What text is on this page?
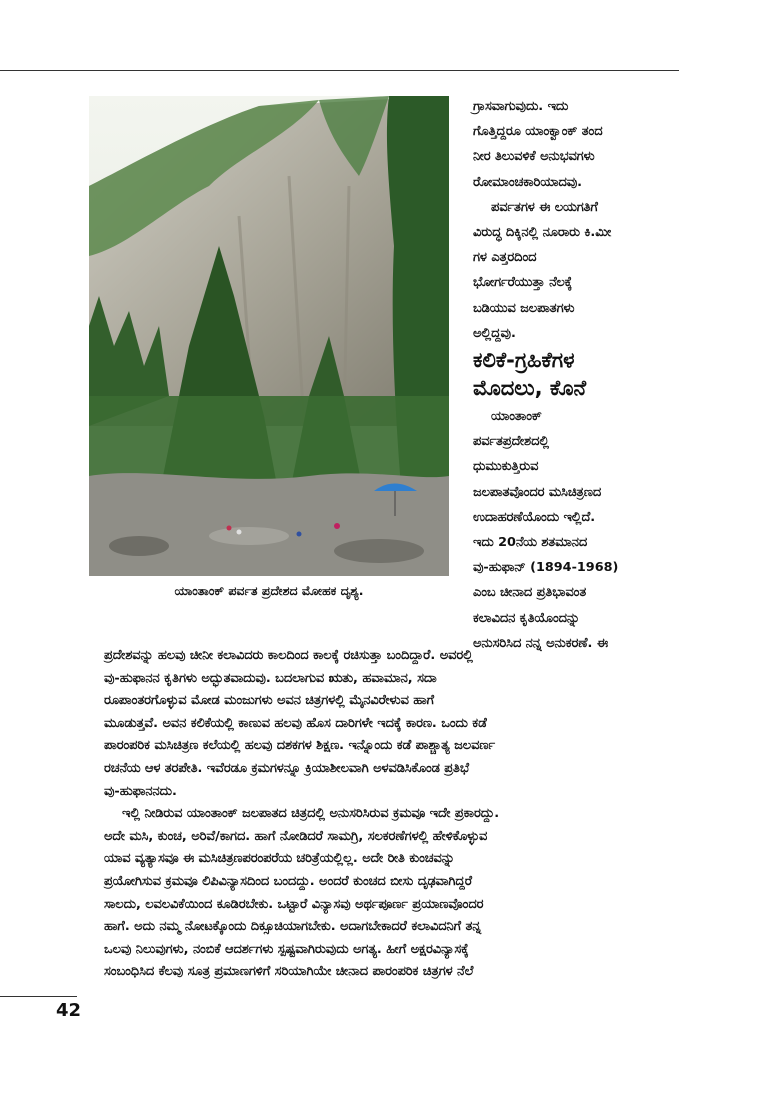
ಯಾಂತಾಂಕ್ ಪರ್ವತ ಪ್ರದೇಶದ ಮೋಹಕ ದೃಶ್ಯ.
ಗ್ರಾಸವಾಗುವುದು. ಇದು
ಗೊತ್ತಿದ್ದರೂ ಯಾಂಕ್ವಾಂಕ್ ತಂದ
ನೀರ ತಿಲುವಳಿಕೆ ಅನುಭವಗಳು
ರೋಮಾಂಚಕಾರಿಯಾದವು.
ಪರ್ವತಗಳ ಈ ಲಯಗತಿಗೆ
ವಿರುದ್ಧ ದಿಕ್ಕಿನಲ್ಲಿ ನೂರಾರು ಕಿ.ಮೀ
ಗಳ ಎತ್ತರದಿಂದ
ಭೋರ್ಗರೆಯುತ್ತಾ ನೆಲಕ್ಕೆ
ಬಡಿಯುವ ಜಲಪಾತಗಳು
ಅಲ್ಲಿದ್ದವು.
ಕಲಿಕೆ-ಗ್ರಹಿಕೆಗಳ
ಮೊದಲು, ಕೊನೆ
ಯಾಂತಾಂಕ್
ಪರ್ವತಪ್ರದೇಶದಲ್ಲಿ
ಧುಮುಕುತ್ತಿರುವ
ಜಲಪಾತವೊಂದರ ಮಸಿಚಿತ್ರಣದ
ಉದಾಹರಣೆಯೊಂದು ಇಲ್ಲಿದೆ.
ಇದು 20ನೆಯ ಶತಮಾನದ
ವು-ಹುಫಾನ್ (1894-1968)
ಎಂಬ ಚೀನಾದ ಪ್ರತಿಭಾವಂತ
ಕಲಾವಿದನ ಕೃತಿಯೊಂದನ್ನು
ಅನುಸರಿಸಿದ ನನ್ನ ಅನುಕರಣೆ. ಈ
ಪ್ರದೇಶವನ್ನು ಹಲವು ಚೀನೀ ಕಲಾವಿದರು ಕಾಲದಿಂದ ಕಾಲಕ್ಕೆ ರಚಿಸುತ್ತಾ ಬಂದಿದ್ದಾರೆ. ಅವರಲ್ಲಿ
ವು-ಹುಫಾನನ ಕೃತಿಗಳು ಅದ್ಭುತವಾದುವು. ಬದಲಾಗುವ ಋತು, ಹವಾಮಾನ, ಸದಾ
ರೂಪಾಂತರಗೊಳ್ಳುವ ಮೋಡ ಮಂಜುಗಳು ಅವನ ಚಿತ್ರಗಳಲ್ಲಿ ಮೈನವಿರೇಳುವ ಹಾಗೆ
ಮೂಡುತ್ತವೆ. ಅವನ ಕಲಿಕೆಯಲ್ಲಿ ಕಾಣುವ ಹಲವು ಹೊಸ ದಾರಿಗಳೇ ಇದಕ್ಕೆ ಕಾರಣ. ಒಂದು ಕಡೆ
ಪಾರಂಪರಿಕ ಮಸಿಚಿತ್ರಣ ಕಲೆಯಲ್ಲಿ ಹಲವು ದಶಕಗಳ ಶಿಕ್ಷಣ. ಇನ್ನೊಂದು ಕಡೆ ಪಾಶ್ಚಾತ್ಯ ಜಲವರ್ಣ
ರಚನೆಯ ಆಳ ತರಪೇತಿ. ಇವೆರಡೂ ಕ್ರಮಗಳನ್ನೂ ಕ್ರಿಯಾಶೀಲವಾಗಿ ಅಳವಡಿಸಿಕೊಂಡ ಪ್ರತಿಭೆ
ವು-ಹುಫಾನನದು.
ಇಲ್ಲಿ ನೀಡಿರುವ ಯಾಂತಾಂಕ್ ಜಲಪಾತದ ಚಿತ್ರದಲ್ಲಿ ಅನುಸರಿಸಿರುವ ಕ್ರಮವೂ ಇದೇ ಪ್ರಕಾರದ್ದು.
ಅದೇ ಮಸಿ, ಕುಂಚ, ಅರಿವೆ/ಕಾಗದ. ಹಾಗೆ ನೋಡಿದರೆ ಸಾಮಗ್ರಿ, ಸಲಕರಣೆಗಳಲ್ಲಿ ಹೇಳಿಕೊಳ್ಳುವ
ಯಾವ ವ್ಯತ್ಯಾಸವೂ ಈ ಮಸಿಚಿತ್ರಣಪರಂಪರೆಯ ಚರಿತ್ರೆಯಲ್ಲಿಲ್ಲ. ಅದೇ ರೀತಿ ಕುಂಚವನ್ನು
ಪ್ರಯೋಗಿಸುವ ಕ್ರಮವೂ ಲಿಪಿವಿನ್ಯಾಸದಿಂದ ಬಂದದ್ದು. ಅಂದರೆ ಕುಂಚದ ಬೀಸು ದೃಢವಾಗಿದ್ದರೆ
ಸಾಲದು, ಲವಲವಿಕೆಯಿಂದ ಕೂಡಿರಬೇಕು. ಒಟ್ಟಾರೆ ವಿನ್ಯಾಸವು ಅರ್ಥಪೂರ್ಣ ಪ್ರಯಾಣವೊಂದರ
ಹಾಗೆ. ಅದು ನಮ್ಮ ನೋಟಕ್ಕೊಂದು ದಿಕ್ಸೂಚಿಯಾಗಬೇಕು. ಅದಾಗಬೇಕಾದರೆ ಕಲಾವಿದನಿಗೆ ತನ್ನ
ಒಲವು ನಿಲುವುಗಳು, ನಂಬಿಕೆ ಆದರ್ಶಗಳು ಸ್ಪಷ್ಟವಾಗಿರುವುದು ಅಗತ್ಯ. ಹೀಗೆ ಅಕ್ಷರವಿನ್ಯಾಸಕ್ಕೆ
ಸಂಬಂಧಿಸಿದ ಕೆಲವು ಸೂತ್ರ ಪ್ರಮಾಣಗಳಿಗೆ ಸರಿಯಾಗಿಯೇ ಚೀನಾದ ಪಾರಂಪರಿಕ ಚಿತ್ರಗಳ ನೆಲೆ
42
